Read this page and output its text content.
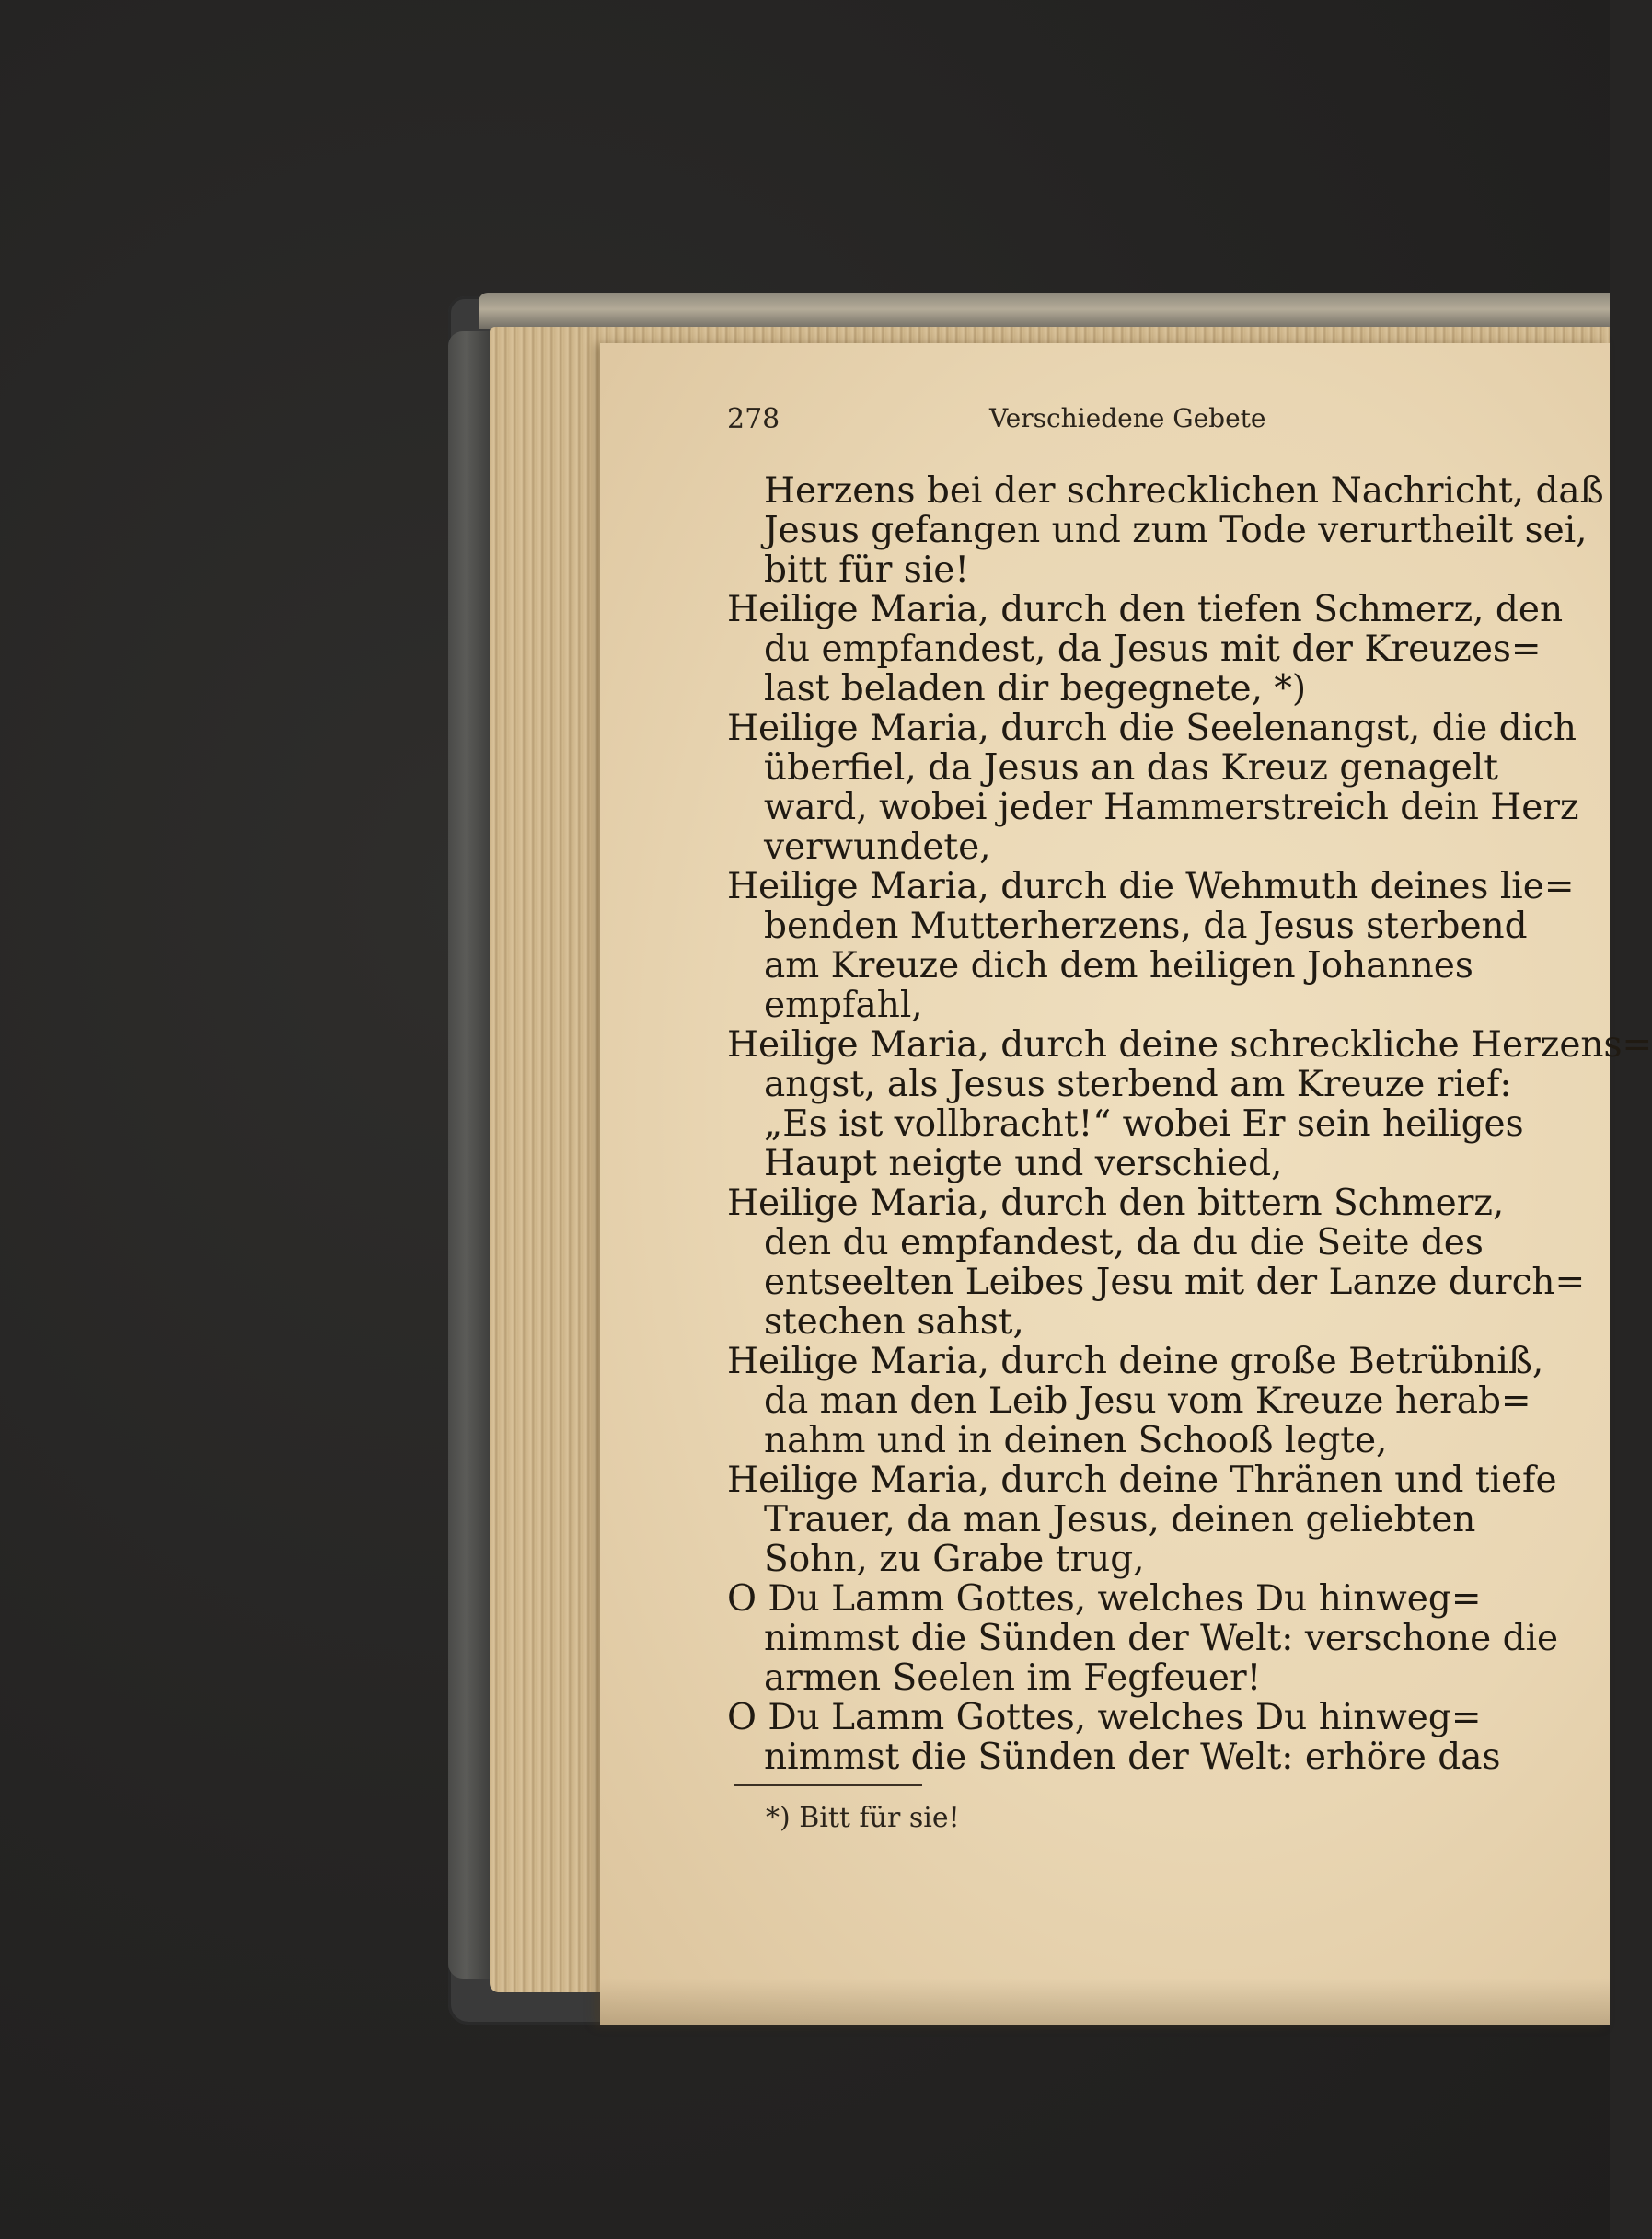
278	Verschiedene Gebete
Herzens bei der schrecklichen Nachricht, daß
Jesus gefangen und zum Tode verurtheilt sei,
bitt für sie!
Heilige Maria, durch den tiefen Schmerz, den
du empfandest, da Jesus mit der Kreuzes=
last beladen dir begegnete, *)
Heilige Maria, durch die Seelenangst, die dich
überfiel, da Jesus an das Kreuz genagelt
ward, wobei jeder Hammerstreich dein Herz
verwundete,
Heilige Maria, durch die Wehmuth deines lie=
benden Mutterherzens, da Jesus sterbend
am Kreuze dich dem heiligen Johannes
empfahl,
Heilige Maria, durch deine schreckliche Herzens=
angst, als Jesus sterbend am Kreuze rief:
„Es ist vollbracht!“ wobei Er sein heiliges
Haupt neigte und verschied,
Heilige Maria, durch den bittern Schmerz,
den du empfandest, da du die Seite des
entseelten Leibes Jesu mit der Lanze durch=
stechen sahst,
Heilige Maria, durch deine große Betrübniß,
da man den Leib Jesu vom Kreuze herab=
nahm und in deinen Schooß legte,
Heilige Maria, durch deine Thränen und tiefe
Trauer, da man Jesus, deinen geliebten
Sohn, zu Grabe trug,
O Du Lamm Gottes, welches Du hinweg=
nimmst die Sünden der Welt: verschone die
armen Seelen im Fegfeuer!
O Du Lamm Gottes, welches Du hinweg=
nimmst die Sünden der Welt: erhöre das
*) Bitt für sie!
